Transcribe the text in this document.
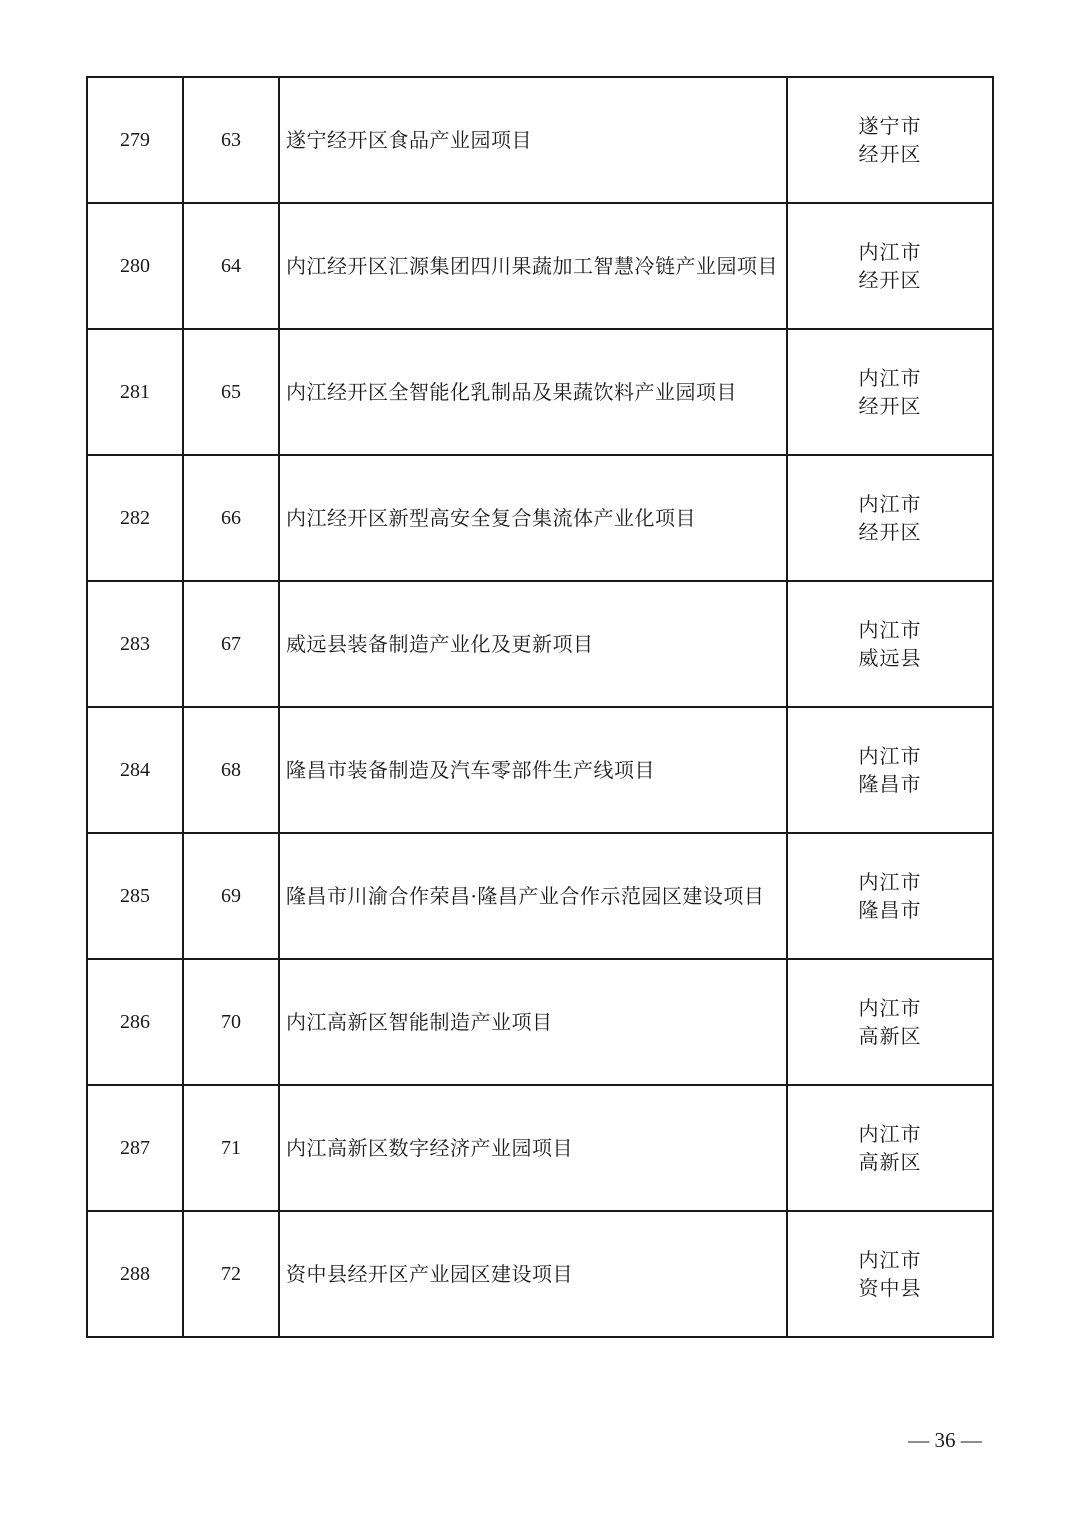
279	63	遂宁经开区食品产业园项目	遂宁市
经开区

280	64	内江经开区汇源集团四川果蔬加工智慧冷链产业园项目	内江市
经开区

281	65	内江经开区全智能化乳制品及果蔬饮料产业园项目	内江市
经开区

282	66	内江经开区新型高安全复合集流体产业化项目	内江市
经开区

283	67	威远县装备制造产业化及更新项目	内江市
威远县

284	68	隆昌市装备制造及汽车零部件生产线项目	内江市
隆昌市

285	69	隆昌市川渝合作荣昌·隆昌产业合作示范园区建设项目	内江市
隆昌市

286	70	内江高新区智能制造产业项目	内江市
高新区

287	71	内江高新区数字经济产业园项目	内江市
高新区

288	72	资中县经开区产业园区建设项目	内江市
资中县
— 36 —
